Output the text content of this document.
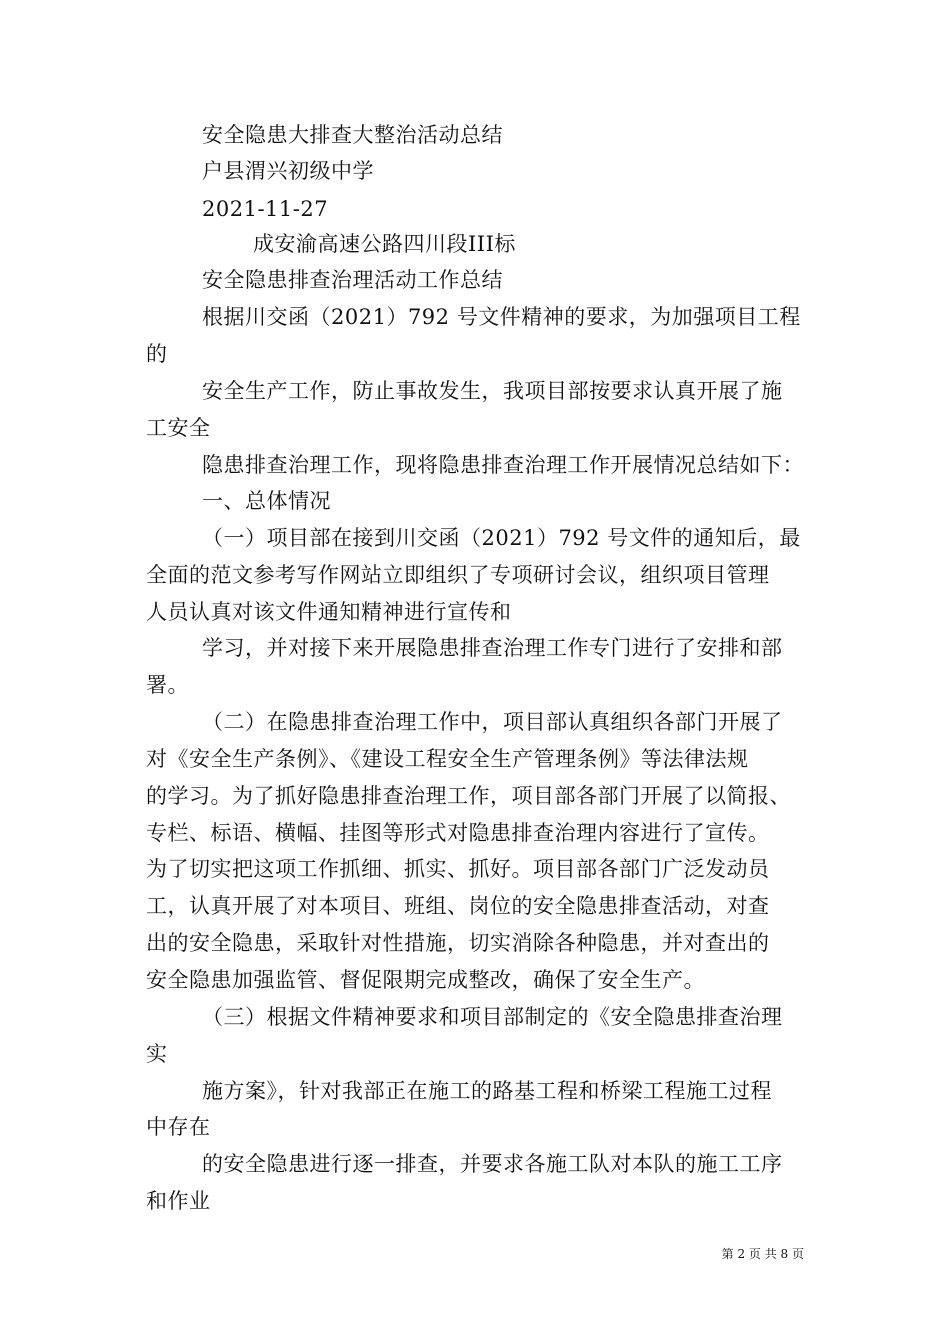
安全隐患大排查大整治活动总结
户县渭兴初级中学
2021-11-27
成安渝高速公路四川段III标
安全隐患排查治理活动工作总结
根据川交函（2021）792 号文件精神的要求，为加强项目工程
的
安全生产工作，防止事故发生，我项目部按要求认真开展了施
工安全
隐患排查治理工作，现将隐患排查治理工作开展情况总结如下：
一、总体情况
（一）项目部在接到川交函（2021）792 号文件的通知后，最
全面的范文参考写作网站立即组织了专项研讨会议，组织项目管理
人员认真对该文件通知精神进行宣传和
学习，并对接下来开展隐患排查治理工作专门进行了安排和部
署。
（二）在隐患排查治理工作中，项目部认真组织各部门开展了
对《安全生产条例》、《建设工程安全生产管理条例》等法律法规
的学习。为了抓好隐患排查治理工作，项目部各部门开展了以简报、
专栏、标语、横幅、挂图等形式对隐患排查治理内容进行了宣传。
为了切实把这项工作抓细、抓实、抓好。项目部各部门广泛发动员
工，认真开展了对本项目、班组、岗位的安全隐患排查活动，对查
出的安全隐患，采取针对性措施，切实消除各种隐患，并对查出的
安全隐患加强监管、督促限期完成整改，确保了安全生产。
（三）根据文件精神要求和项目部制定的《安全隐患排查治理
实
施方案》，针对我部正在施工的路基工程和桥梁工程施工过程
中存在
的安全隐患进行逐一排查，并要求各施工队对本队的施工工序
和作业
第 2 页 共 8 页
